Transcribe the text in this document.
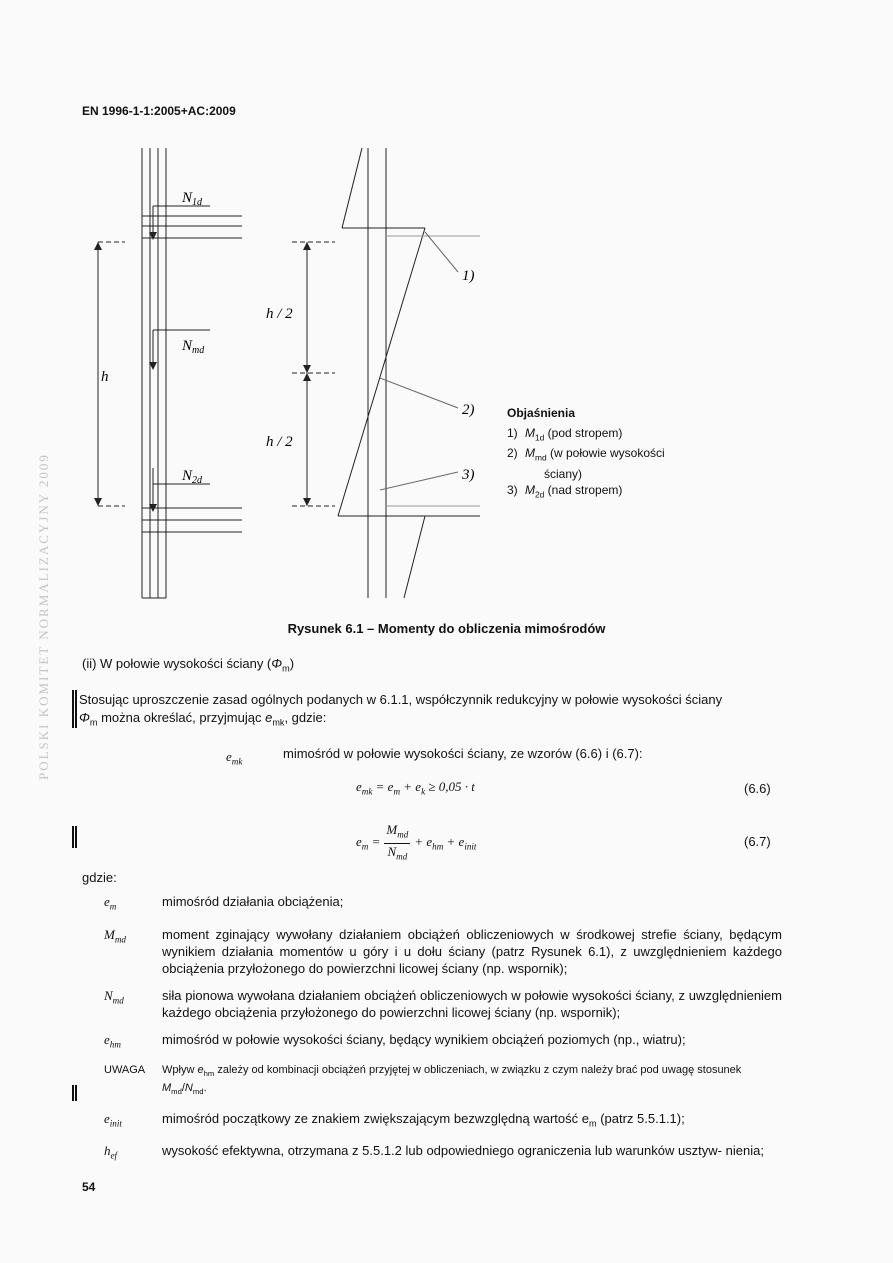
EN 1996-1-1:2005+AC:2009
POLSKI KOMITET NORMALIZACYJNY 2009
$N_{1d}$
$N_{md}$
$N_{2d}$
h
h / 2
h / 2
1)
2)
3)
Objaśnienia
1) $M_{1d}$ (pod stropem)
2) $M_{md}$ (w połowie wysokości
ściany)
3) $M_{2d}$ (nad stropem)
Rysunek 6.1 – Momenty do obliczenia mimośrodów
(ii) W połowie wysokości ściany $(\Phi_m)$
Stosując uproszczenie zasad ogólnych podanych w 6.1.1, współczynnik redukcyjny w połowie wysokości ściany
$\Phi_m$ można określać, przyjmując $e_{mk}$, gdzie:
$e_{mk}$
mimośród w połowie wysokości ściany, ze wzorów (6.6) i (6.7):
$e_{mk} = e_m + e_k \ge 0,05 \cdot t$	(6.6)
$e_m$ =
$M_{md}$
$N_{md}$
+ $e_{hm} + e_{init}$	(6.7)
gdzie:
$e_m$	mimośród działania obciążenia;
$M_{md}$	moment zginający wywołany działaniem obciążeń obliczeniowych w środkowej strefie ściany, będącym wynikiem działania momentów u góry i u dołu ściany (patrz Rysunek 6.1), z uwzględnieniem każdego obciążenia przyłożonego do powierzchni licowej ściany (np. wspornik);
$N_{md}$	siła pionowa wywołana działaniem obciążeń obliczeniowych w połowie wysokości ściany, z uwzględnieniem każdego obciążenia przyłożonego do powierzchni licowej ściany (np. wspornik);
$e_{hm}$	mimośród w połowie wysokości ściany, będący wynikiem obciążeń poziomych (np., wiatru);
UWAGA	Wpływ $e_{hm}$ zależy od kombinacji obciążeń przyjętej w obliczeniach, w związku z czym należy brać pod uwagę stosunek $M_{md}/N_{md}$.
$e_{init}$	mimośród początkowy ze znakiem zwiększającym bezwzględną wartość $e_m$ (patrz 5.5.1.1);
$h_{ef}$	wysokość efektywna, otrzymana z 5.5.1.2 lub odpowiedniego ograniczenia lub warunków usztyw- nienia;
54
